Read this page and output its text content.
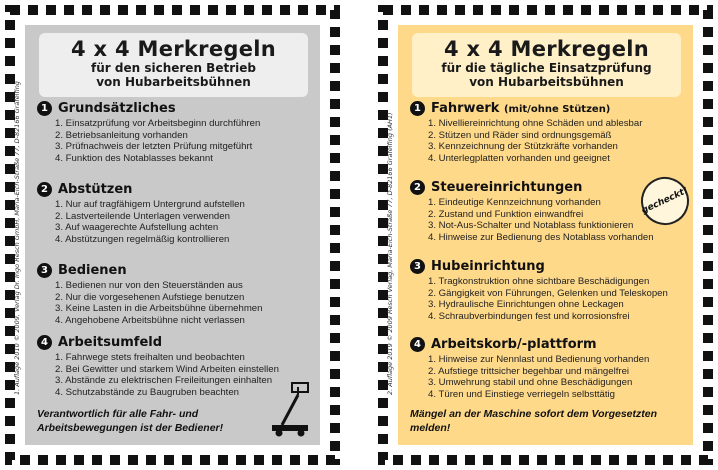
4 x 4 Merkregeln
für den sicheren Betrieb
von Hubarbeitsbühnen
1. Auflage 2010 © 2009, Verlag Dr. Ingo Resch GmbH, Maria-Eich-Straße 77, D-82166 Gräfelfing	1 Grundsätzliches
1. Einsatzprüfung vor Arbeitsbeginn durchführen
2. Betriebsanleitung vorhanden
3. Prüfnachweis der letzten Prüfung mitgeführt
4. Funktion des Notablasses bekannt
2 Abstützen
1. Nur auf tragfähigem Untergrund aufstellen
2. Lastverteilende Unterlagen verwenden
3. Auf waagerechte Aufstellung achten
4. Abstützungen regelmäßig kontrollieren
3 Bedienen
1. Bedienen nur von den Steuerständen aus
2. Nur die vorgesehenen Aufstiege benutzen
3. Keine Lasten in die Arbeitsbühne übernehmen
4. Angehobene Arbeitsbühne nicht verlassen
4 Arbeitsumfeld
1. Fahrwege stets freihalten und beobachten
2. Bei Gewitter und starkem Wind Arbeiten einstellen
3. Abstände zu elektrischen Freileitungen einhalten
4. Schutzabstände zu Baugruben beachten
Verantwortlich für alle Fahr- und
Arbeitsbewegungen ist der Bediener!
4 x 4 Merkregeln
für die tägliche Einsatzprüfung
von Hubarbeitsbühnen
2. Auflage 2019 © 2009 Resch Verlag, Maria-Eich-Straße 77, D-82166 Gräfelfing (AH1)	gecheckt!
1 Fahrwerk (mit/ohne Stützen)
1. Nivelliereinrichtung ohne Schäden und ablesbar
2. Stützen und Räder sind ordnungsgemäß
3. Kennzeichnung der Stützkräfte vorhanden
4. Unterlegplatten vorhanden und geeignet
2 Steuereinrichtungen
1. Eindeutige Kennzeichnung vorhanden
2. Zustand und Funktion einwandfrei
3. Not-Aus-Schalter und Notablass funktionieren
4. Hinweise zur Bedienung des Notablass vorhanden
3 Hubeinrichtung
1. Tragkonstruktion ohne sichtbare Beschädigungen
2. Gängigkeit von Führungen, Gelenken und Teleskopen
3. Hydraulische Einrichtungen ohne Leckagen
4. Schraubverbindungen fest und korrosionsfrei
4 Arbeitskorb/-plattform
1. Hinweise zur Nennlast und Bedienung vorhanden
2. Aufstiege trittsicher begehbar und mängelfrei
3. Umwehrung stabil und ohne Beschädigungen
4. Türen und Einstiege verriegeln selbsttätig
Mängel an der Maschine sofort dem Vorgesetzten
melden!
